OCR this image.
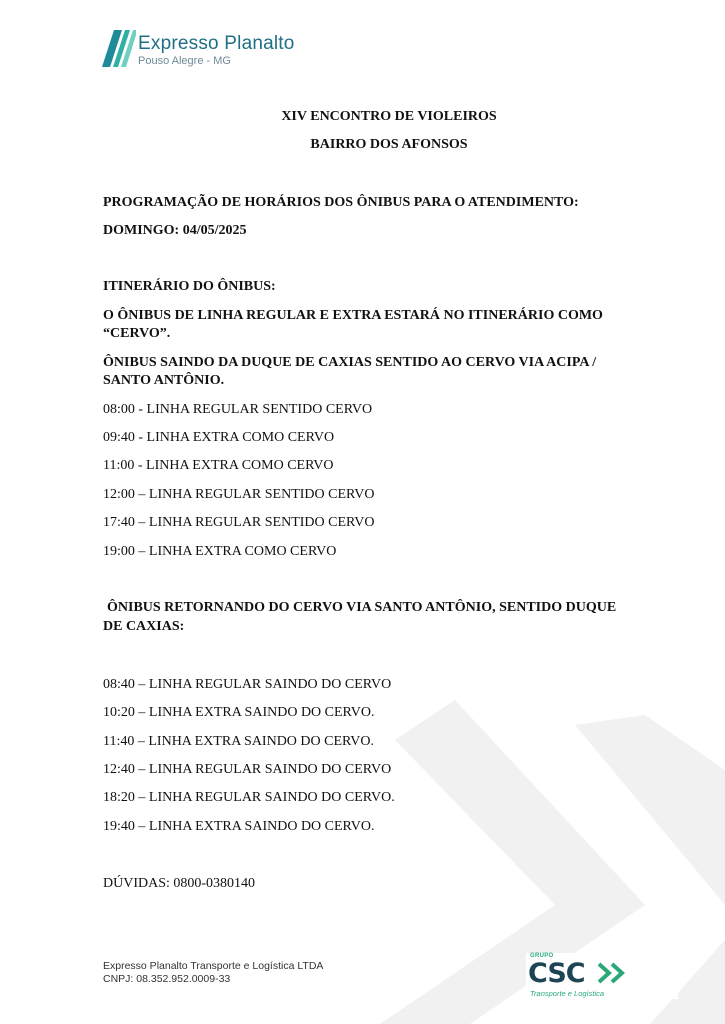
Expresso Planalto
Pouso Alegre - MG
XIV ENCONTRO DE VIOLEIROS
BAIRRO DOS AFONSOS
PROGRAMAÇÃO DE HORÁRIOS DOS ÔNIBUS PARA O ATENDIMENTO:
DOMINGO: 04/05/2025
ITINERÁRIO DO ÔNIBUS:
O ÔNIBUS DE LINHA REGULAR E EXTRA ESTARÁ NO ITINERÁRIO COMO
“CERVO”.
ÔNIBUS SAINDO DA DUQUE DE CAXIAS SENTIDO AO CERVO VIA ACIPA /
SANTO ANTÔNIO.
08:00 - LINHA REGULAR SENTIDO CERVO
09:40 - LINHA EXTRA COMO CERVO
11:00 - LINHA EXTRA COMO CERVO
12:00 – LINHA REGULAR SENTIDO CERVO
17:40 – LINHA REGULAR SENTIDO CERVO
19:00 – LINHA EXTRA COMO CERVO
ÔNIBUS RETORNANDO DO CERVO VIA SANTO ANTÔNIO, SENTIDO DUQUE
DE CAXIAS:
08:40 – LINHA REGULAR SAINDO DO CERVO
10:20 – LINHA EXTRA SAINDO DO CERVO.
11:40 – LINHA EXTRA SAINDO DO CERVO.
12:40 – LINHA REGULAR SAINDO DO CERVO
18:20 – LINHA REGULAR SAINDO DO CERVO.
19:40 – LINHA EXTRA SAINDO DO CERVO.
DÚVIDAS: 0800-0380140
Expresso Planalto Transporte e Logística LTDA
CNPJ: 08.352.952.0009-33
GRUPO
CSC
Transporte e Logística
